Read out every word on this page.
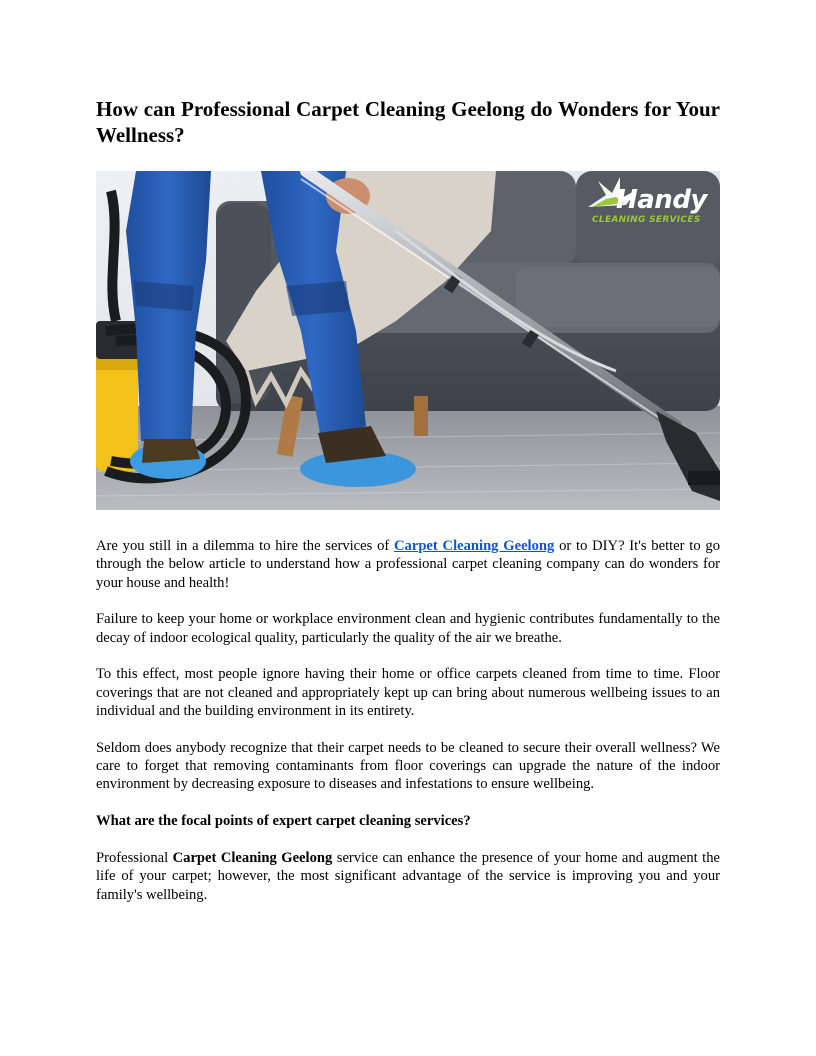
How can Professional Carpet Cleaning Geelong do Wonders for Your Wellness?
Handy
CLEANING SERVICES

Are you still in a dilemma to hire the services of Carpet Cleaning Geelong or to DIY? It's better to go through the below article to understand how a professional carpet cleaning company can do wonders for your house and health!

Failure to keep your home or workplace environment clean and hygienic contributes fundamentally to the decay of indoor ecological quality, particularly the quality of the air we breathe.

To this effect, most people ignore having their home or office carpets cleaned from time to time. Floor coverings that are not cleaned and appropriately kept up can bring about numerous wellbeing issues to an individual and the building environment in its entirety.

Seldom does anybody recognize that their carpet needs to be cleaned to secure their overall wellness? We care to forget that removing contaminants from floor coverings can upgrade the nature of the indoor environment by decreasing exposure to diseases and infestations to ensure wellbeing.

What are the focal points of expert carpet cleaning services?

Professional Carpet Cleaning Geelong service can enhance the presence of your home and augment the life of your carpet; however, the most significant advantage of the service is improving you and your family's wellbeing.
